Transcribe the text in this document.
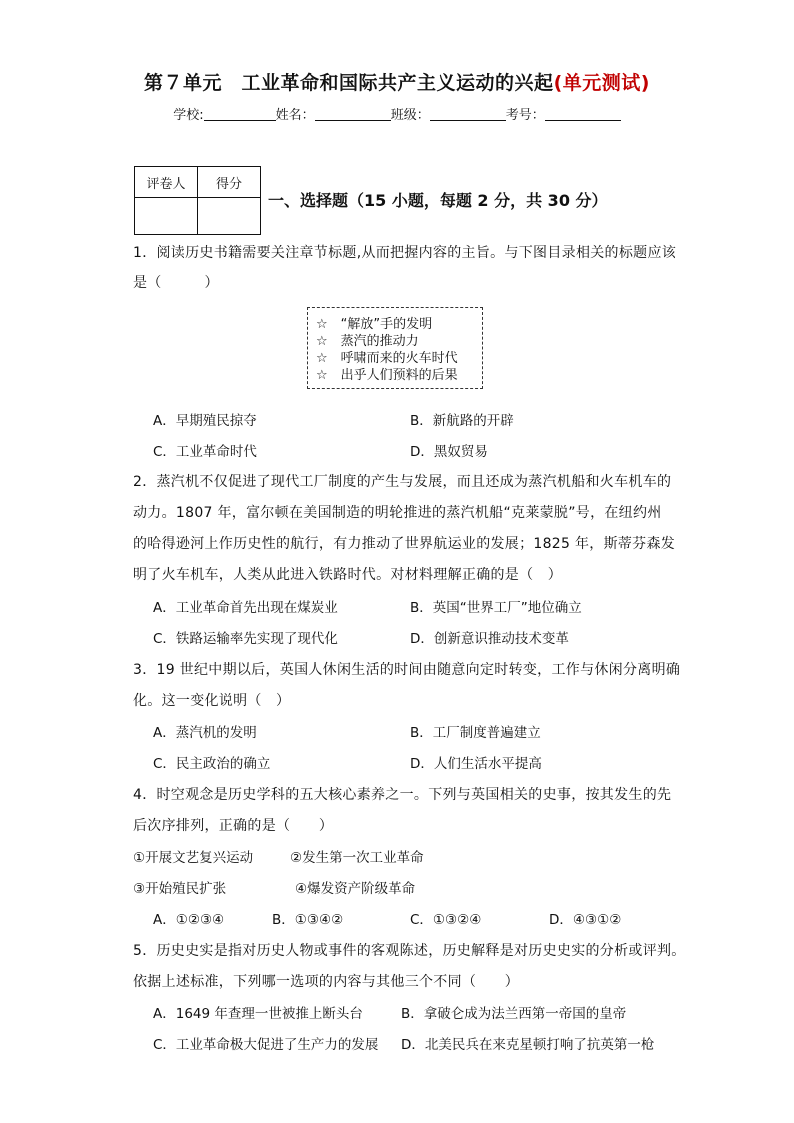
第７单元　工业革命和国际共产主义运动的兴起(单元测试)
学校:	姓名：	班级：	考号：
评卷人	得分

一、选择题（15 小题，每题 2 分，共 30 分）
1．阅读历史书籍需要关注章节标题,从而把握内容的主旨。与下图目录相关的标题应该
是（　　　）
☆　“解放”手的发明
☆　蒸汽的推动力
☆　呼啸而来的火车时代
☆　出乎人们预料的后果
A．早期殖民掠夺	B．新航路的开辟
C．工业革命时代	D．黑奴贸易
2．蒸汽机不仅促进了现代工厂制度的产生与发展，而且还成为蒸汽机船和火车机车的
动力。1807 年，富尔顿在美国制造的明轮推进的蒸汽机船“克莱蒙脱”号，在纽约州
的哈得逊河上作历史性的航行，有力推动了世界航运业的发展；1825 年，斯蒂芬森发
明了火车机车，人类从此进入铁路时代。对材料理解正确的是（　）
A．工业革命首先出现在煤炭业	B．英国“世界工厂”地位确立
C．铁路运输率先实现了现代化	D．创新意识推动技术变革
3．19 世纪中期以后，英国人休闲生活的时间由随意向定时转变，工作与休闲分离明确
化。这一变化说明（　）
A．蒸汽机的发明	B．工厂制度普遍建立
C．民主政治的确立	D．人们生活水平提高
4．时空观念是历史学科的五大核心素养之一。下列与英国相关的史事，按其发生的先
后次序排列，正确的是（　　）
①开展文艺复兴运动	②发生第一次工业革命
③开始殖民扩张	④爆发资产阶级革命
A．①②③④	B．①③④②	C．①③②④	D．④③①②
5．历史史实是指对历史人物或事件的客观陈述，历史解释是对历史史实的分析或评判。
依据上述标准，下列哪一选项的内容与其他三个不同（　　）
A．1649 年查理一世被推上断头台	B．拿破仑成为法兰西第一帝国的皇帝
C．工业革命极大促进了生产力的发展 D．北美民兵在来克星顿打响了抗英第一枪
